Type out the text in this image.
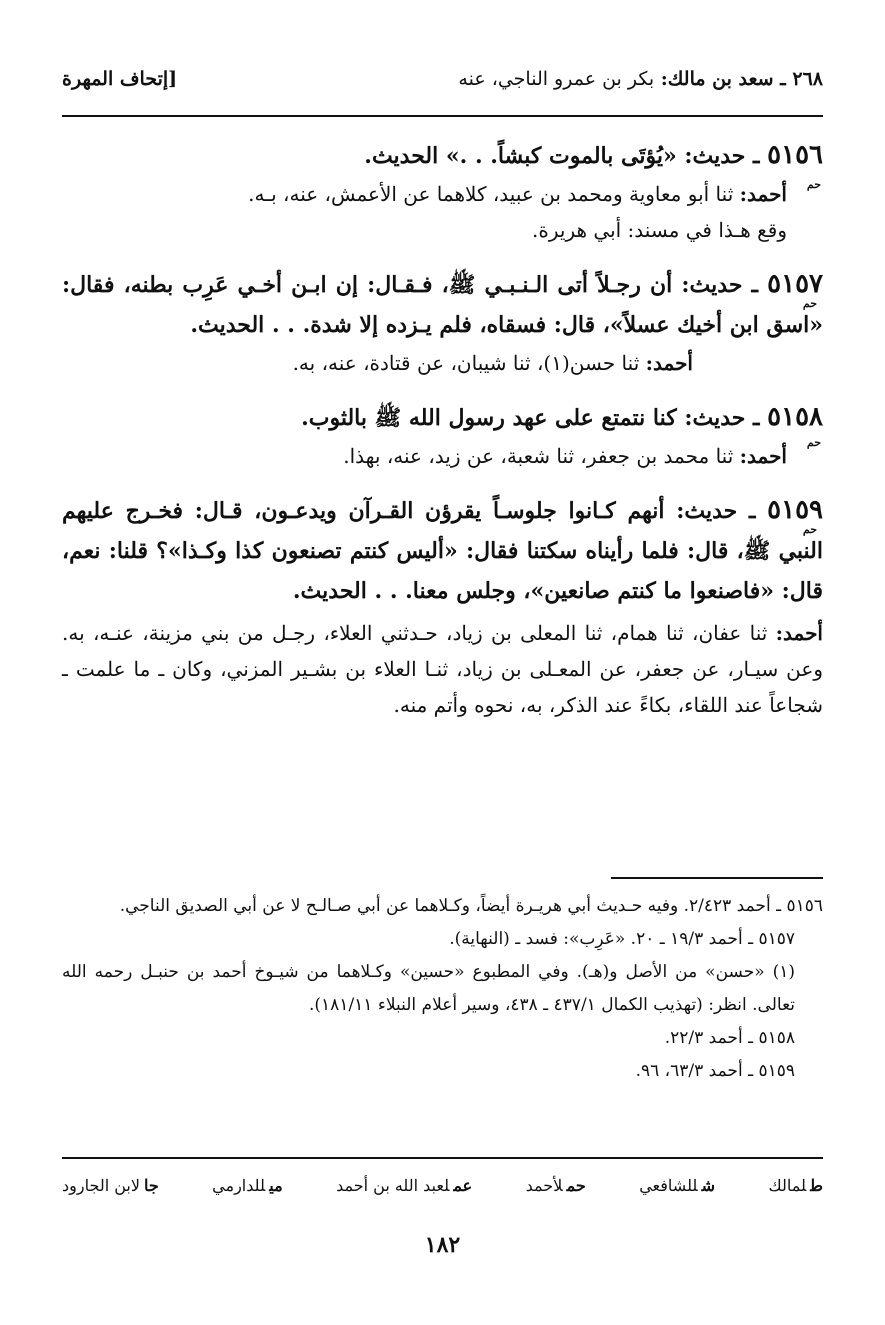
٢٦٨ ـ سعد بن مالك: بكر بن عمرو الناجي، عنه
[إتحاف المهرة
٥١٥٦ ـ حديث: «يُؤتَى بالموت كبشاً. . .» الحديث.
حم
أحمد: ثنا أبو معاوية ومحمد بن عبيد، كلاهما عن الأعمش، عنه، بـه.
وقع هـذا في مسند: أبي هريرة.
٥١٥٧ ـ حديث: أن رجـلاً أتى الـنـبـي ﷺ، فـقـال: إن ابـن أخـي عَرِب بطنه، فقال: «اسق ابن أخيك عسلاً»، قال: فسقاه، فلم يـزده إلا شدة. . . الحديث.
حم
أحمد: ثنا حسن(١)، ثنا شيبان، عن قتادة، عنه، به.
٥١٥٨ ـ حديث: كنا نتمتع على عهد رسول الله ﷺ بالثوب.
حم
أحمد: ثنا محمد بن جعفر، ثنا شعبة، عن زيد، عنه، بهذا.
٥١٥٩ ـ حديث: أنهم كـانوا جلوسـاً يقرؤن القـرآن ويدعـون، قـال: فخـرج عليهم النبي ﷺ، قال: فلما رأيناه سكتنا فقال: «أليس كنتم تصنعون كذا وكـذا»؟ قلنا: نعم، قال: «فاصنعوا ما كنتم صانعين»، وجلس معنا. . . الحديث.
حم
أحمد: ثنا عفان، ثنا همام، ثنا المعلى بن زياد، حـدثني العلاء، رجـل من بني مزينة، عنـه، به. وعن سيـار، عن جعفر، عن المعـلى بن زياد، ثنـا العلاء بن بشـير المزني، وكان ـ ما علمت ـ شجاعاً عند اللقاء، بكاءً عند الذكر، به، نحوه وأتم منه.
٥١٥٦ ـ أحمد ٢/٤٢٣. وفيه حـديث أبي هريـرة أيضاً، وكـلاهما عن أبي صـالـح لا عن أبي الصديق الناجي.
٥١٥٧ ـ أحمد ١٩/٣ ـ ٢٠. «عَرِب»: فسد ـ (النهاية).
(١) «حسن» من الأصل و(هـ). وفي المطبوع «حسين» وكـلاهما من شيـوخ أحمد بن حنبـل رحمه الله تعالى. انظر: (تهذيب الكمال ٤٣٧/١ ـ ٤٣٨، وسير أعلام النبلاء ١٨١/١١).
٥١٥٨ ـ أحمد ٢٢/٣.
٥١٥٩ ـ أحمد ٦٣/٣، ٩٦.
طلمالك
شللشافعي
حملأحمد
عملعبد الله بن أحمد
ميللدارمي
جالابن الجارود
١٨٢
